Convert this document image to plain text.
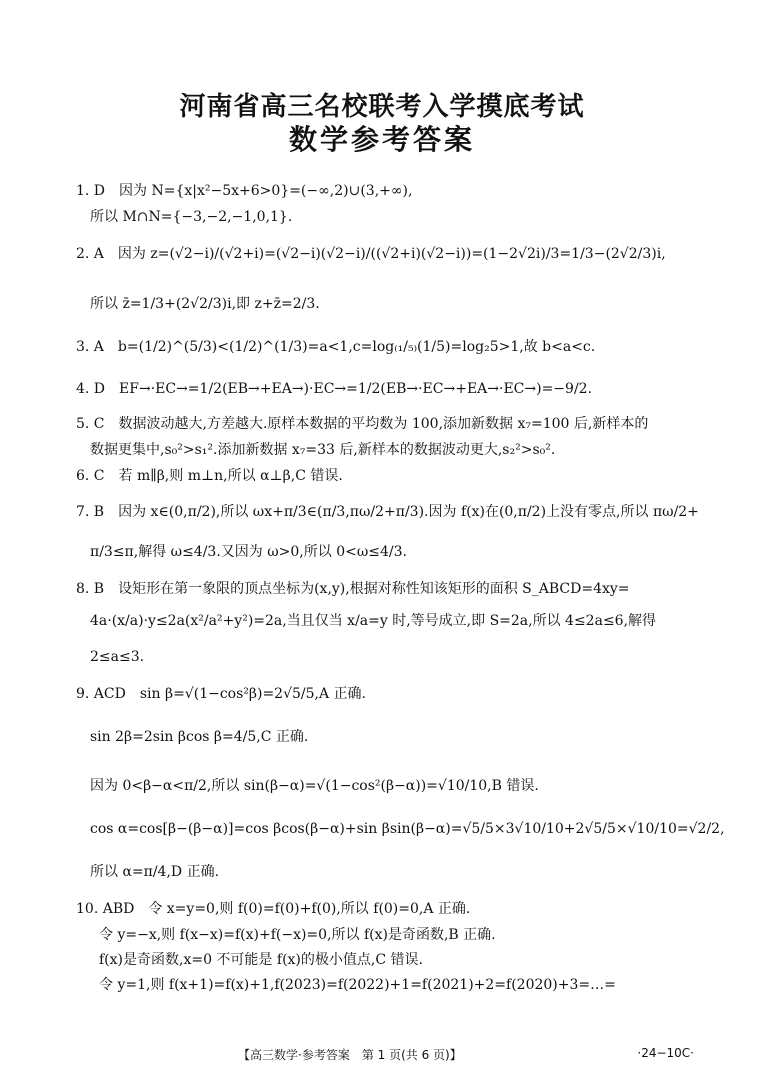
河南省高三名校联考入学摸底考试
数学参考答案
1. D　因为 N={x|x²−5x+6>0}=(−∞,2)∪(3,+∞),
所以 M∩N={−3,−2,−1,0,1}.
2. A　因为 z=(√2−i)/(√2+i)=(√2−i)(√2−i)/((√2+i)(√2−i))=(1−2√2i)/3=1/3−(2√2/3)i,
所以 z̄=1/3+(2√2/3)i,即 z+z̄=2/3.
3. A　b=(1/2)^(5/3)<(1/2)^(1/3)=a<1,c=log₍₁/₅₎(1/5)=log₂5>1,故 b<a<c.
4. D　EF→·EC→=1/2(EB→+EA→)·EC→=1/2(EB→·EC→+EA→·EC→)=−9/2.
5. C　数据波动越大,方差越大.原样本数据的平均数为 100,添加新数据 x₇=100 后,新样本的
数据更集中,s₀²>s₁².添加新数据 x₇=33 后,新样本的数据波动更大,s₂²>s₀².
6. C　若 m∥β,则 m⊥n,所以 α⊥β,C 错误.
7. B　因为 x∈(0,π/2),所以 ωx+π/3∈(π/3,πω/2+π/3).因为 f(x)在(0,π/2)上没有零点,所以 πω/2+
π/3≤π,解得 ω≤4/3.又因为 ω>0,所以 0<ω≤4/3.
8. B　设矩形在第一象限的顶点坐标为(x,y),根据对称性知该矩形的面积 S_ABCD=4xy=
4a·(x/a)·y≤2a(x²/a²+y²)=2a,当且仅当 x/a=y 时,等号成立,即 S=2a,所以 4≤2a≤6,解得
2≤a≤3.
9. ACD　sin β=√(1−cos²β)=2√5/5,A 正确.
sin 2β=2sin βcos β=4/5,C 正确.
因为 0<β−α<π/2,所以 sin(β−α)=√(1−cos²(β−α))=√10/10,B 错误.
cos α=cos[β−(β−α)]=cos βcos(β−α)+sin βsin(β−α)=√5/5×3√10/10+2√5/5×√10/10=√2/2,
所以 α=π/4,D 正确.
10. ABD　令 x=y=0,则 f(0)=f(0)+f(0),所以 f(0)=0,A 正确.
令 y=−x,则 f(x−x)=f(x)+f(−x)=0,所以 f(x)是奇函数,B 正确.
f(x)是奇函数,x=0 不可能是 f(x)的极小值点,C 错误.
令 y=1,则 f(x+1)=f(x)+1,f(2023)=f(2022)+1=f(2021)+2=f(2020)+3=…=
【高三数学·参考答案　第 1 页(共 6 页)】	·24−10C·
